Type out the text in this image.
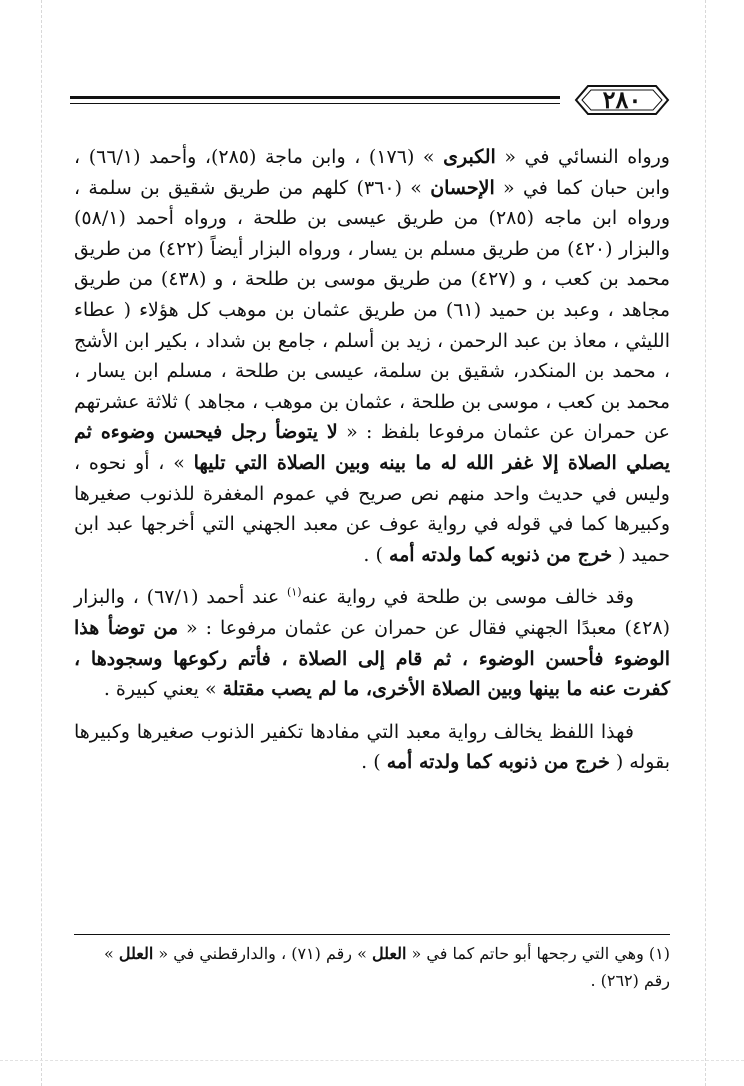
٢٨٠

ورواه النسائي في « الكبرى » (١٧٦) ، وابن ماجة (٢٨٥)، وأحمد (٦٦/١) ، وابن حبان كما في « الإحسان » (٣٦٠) كلهم من طريق شقيق بن سلمة ، ورواه ابن ماجه (٢٨٥) من طريق عيسى بن طلحة ، ورواه أحمد (٥٨/١) والبزار (٤٢٠) من طريق مسلم بن يسار ، ورواه البزار أيضاً (٤٢٢) من طريق محمد بن كعب ، و (٤٢٧) من طريق موسى بن طلحة ، و (٤٣٨) من طريق مجاهد ، وعبد بن حميد (٦١) من طريق عثمان بن موهب كل هؤلاء ( عطاء الليثي ، معاذ بن عبد الرحمن ، زيد بن أسلم ، جامع بن شداد ، بكير ابن الأشج ، محمد بن المنكدر، شقيق بن سلمة، عيسى بن طلحة ، مسلم ابن يسار ، محمد بن كعب ، موسى بن طلحة ، عثمان بن موهب ، مجاهد ) ثلاثة عشرتهم عن حمران عن عثمان مرفوعا بلفظ : « لا يتوضأ رجل فيحسن وضوءه ثم يصلي الصلاة إلا غفر الله له ما بينه وبين الصلاة التي تليها » ، أو نحوه ، وليس في حديث واحد منهم نص صريح في عموم المغفرة للذنوب صغيرها وكبيرها كما في قوله في رواية عوف عن معبد الجهني التي أخرجها عبد ابن حميد ( خرج من ذنوبه كما ولدته أمه ) .

وقد خالف موسى بن طلحة في رواية عنه$^{(١)}$ عند أحمد (٦٧/١) ، والبزار (٤٢٨) معبدًا الجهني فقال عن حمران عن عثمان مرفوعا : « من توضأ هذا الوضوء فأحسن الوضوء ، ثم قام إلى الصلاة ، فأتم ركوعها وسجودها ، كفرت عنه ما بينها وبين الصلاة الأخرى، ما لم يصب مقتلة » يعني كبيرة .

فهذا اللفظ يخالف رواية معبد التي مفادها تكفير الذنوب صغيرها وكبيرها بقوله ( خرج من ذنوبه كما ولدته أمه ) .

(١) وهي التي رجحها أبو حاتم كما في « العلل » رقم (٧١) ، والدارقطني في « العلل » رقم (٢٦٢) .
